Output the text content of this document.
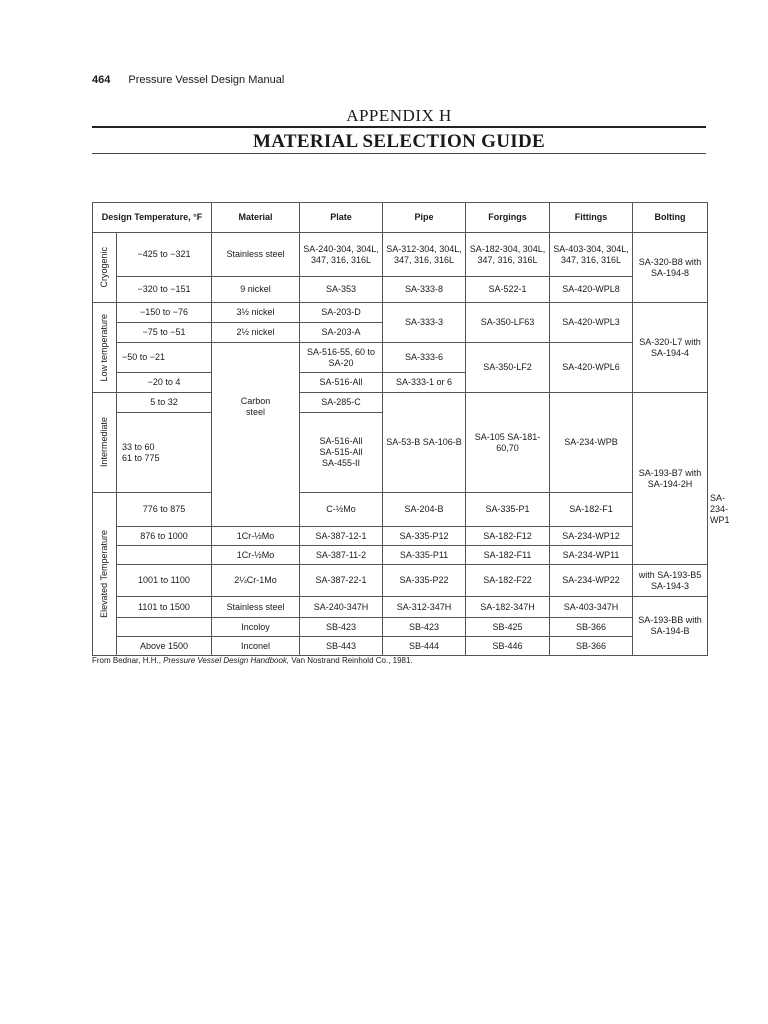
464 Pressure Vessel Design Manual
APPENDIX H
MATERIAL SELECTION GUIDE
Design Temperature, °F		Material	Plate	Pipe	Forgings	Fittings	Bolting	

Cryogenic	−425 to −321	Stainless steel	SA-240-304, 304L, 347, 316, 316L	SA-312-304, 304L, 347, 316, 316L	SA-182-304, 304L, 347, 316, 316L	SA-403-304, 304L, 347, 316, 316L	SA-320-B8 with SA-194-8	
	−320 to −151	9 nickel	SA-353	SA-333-8	SA-522-1	SA-420-WPL8		

Low temperature	−150 to −76	3½ nickel	SA-203-D	SA-333-3	SA-350-LF63	SA-420-WPL3	SA-320-L7 with SA-194-4	
	−75 to −51	2½ nickel	SA-203-A					
	−50 to −21	Carbon steel	SA-516-55, 60 to SA-20	SA-333-6	SA-350-LF2	SA-420-WPL6		
	−20 to 4		SA-516-All	SA-333-1 or 6				

Intermediate	5 to 32		SA-285-C	SA-53-B SA-106-B	SA-105 SA-181-60,70	SA-234-WPB	SA-193-B7 with SA-194-2H	

	33 to 60
61 to 775		SA-516-All SA-515-All SA-455-II					

Elevated Temperature	776 to 875		C-½Mo	SA-204-B	SA-335-P1	SA-182-F1		SA-234-WP1
	876 to 1000	1Cr-½Mo	SA-387-12-1	SA-335-P12	SA-182-F12	SA-234-WP12		
		1Cr-½Mo	SA-387-11-2	SA-335-P11	SA-182-F11	SA-234-WP11		
	1001 to 1100	2¼Cr-1Mo	SA-387-22-1	SA-335-P22	SA-182-F22	SA-234-WP22	with SA-193-B5 SA-194-3	
	1101 to 1500	Stainless steel	SA-240-347H	SA-312-347H	SA-182-347H	SA-403-347H	SA-193-BB with SA-194-B	
		Incoloy	SB-423	SB-423	SB-425	SB-366		
	Above 1500	Inconel	SB-443	SB-444	SB-446	SB-366		
From Bednar, H.H., Pressure Vessel Design Handbook, Van Nostrand Reinhold Co., 1981.
